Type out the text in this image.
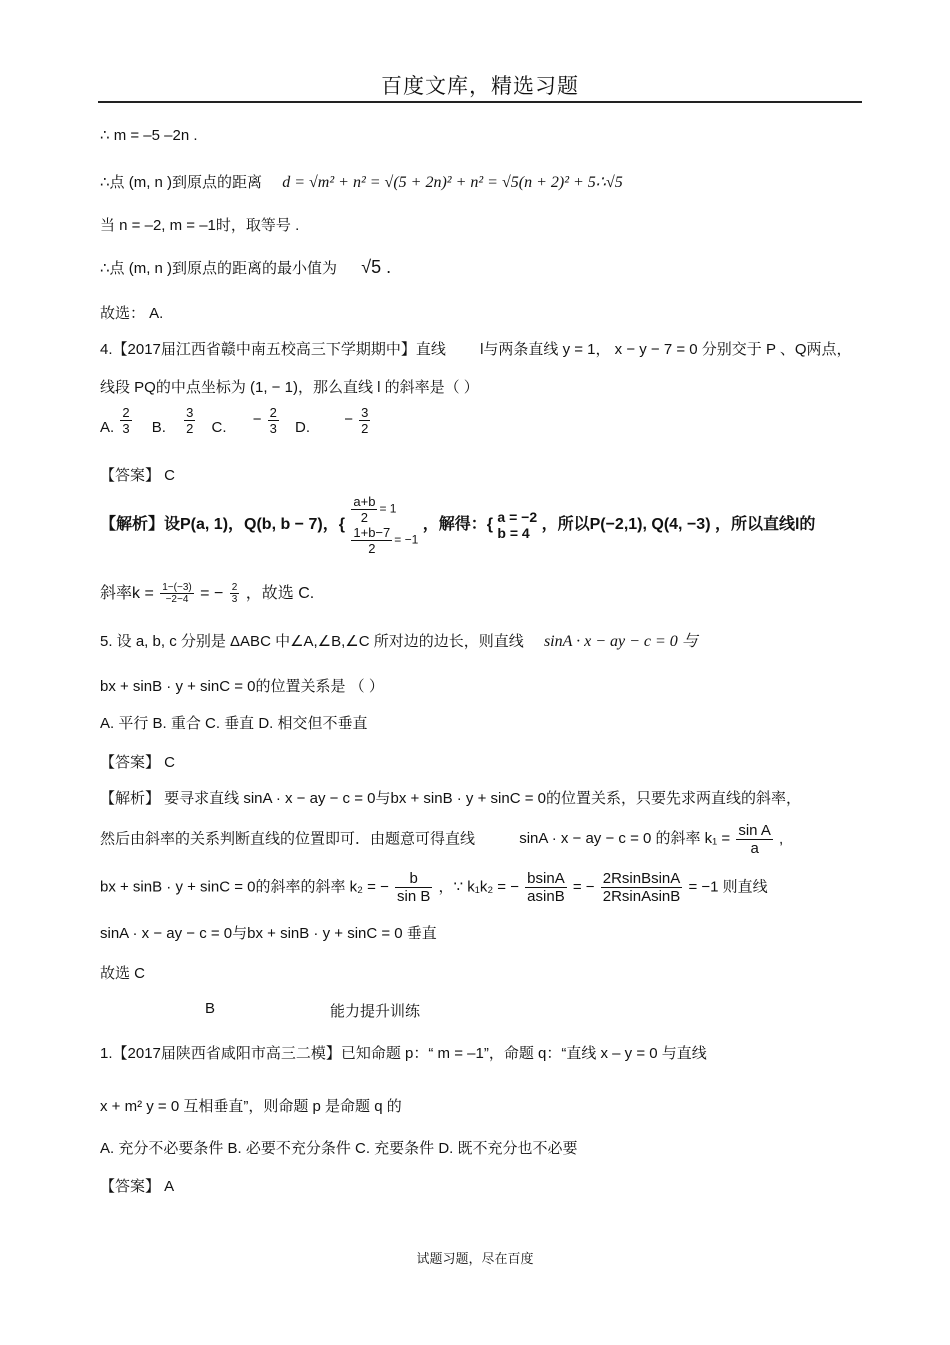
百度文库，精选习题
∴ m = –5 –2n .
∴点 (m, n )到原点的距离 d = √m² + n² = √(5 + 2n)² + n² = √5(n + 2)² + 5∴√5
当 n = –2, m = –1时，取等号 .
∴点 (m, n )到原点的距离的最小值为 √5 .
故选： A.
4.【2017届江西省赣中南五校高三下学期期中】直线 l与两条直线 y = 1， x − y − 7 = 0 分别交于 P 、Q两点，
线段 PQ的中点坐标为 (1, − 1)，那么直线 l 的斜率是（ ）
A. $\frac{2}{3} B$. $\frac{3}{2} C$. − $\frac{2}{3} D$. − $\frac{3}{2}$
【答案】 C
【解析】设P(a, 1)，Q(b, b − 7)，{ $\frac{a+b}{2} = 1$
$\frac{1+b-7}{2} = -1$
，解得：{ a = −2
b = 4 ，所以P(−2,1), Q(4, −3) ，所以直线l的
斜率$k = \frac{1-(-3)}{-2-4}$ = − $\frac{2}{3}$ ，故选 C.
5. 设 a, b, c 分别是 ΔABC 中∠A,∠B,∠C 所对边的边长，则直线 sinA · x − ay − c = 0 与
bx + sinB · y + sinC = 0的位置关系是 （ ）
A. 平行 B. 重合 C. 垂直 D. 相交但不垂直
【答案】 C
【解析】 要寻求直线 sinA · x − ay − c = 0与bx + sinB · y + sinC = 0的位置关系，只要先求两直线的斜率，
然后由斜率的关系判断直线的位置即可．由题意可得直线	sinA · x − ay − c = 0 的斜率 $k_1 = \frac{\text{sin A}}{a}$ ,
bx + sinB · y + sinC = 0的斜率的斜率 k₂ = − $\frac{b}{\text{sin B}}$ ，∵ k₁k₂ = − $\frac{bsinA}{asinB}$ = − $\frac{\text{2RsinBsinA}}{\text{2RsinAsinB}} = -1$ 则直线
sinA · x − ay − c = 0与bx + sinB · y + sinC = 0 垂直
故选 C
B	能力提升训练
1.【2017届陕西省咸阳市高三二模】已知命题 p：“ m = –1”，命题 q：“直线 x – y = 0 与直线
x + m² y = 0 互相垂直”，则命题 p 是命题 q 的
A. 充分不必要条件 B. 必要不充分条件 C. 充要条件 D. 既不充分也不必要
【答案】 A
试题习题，尽在百度
